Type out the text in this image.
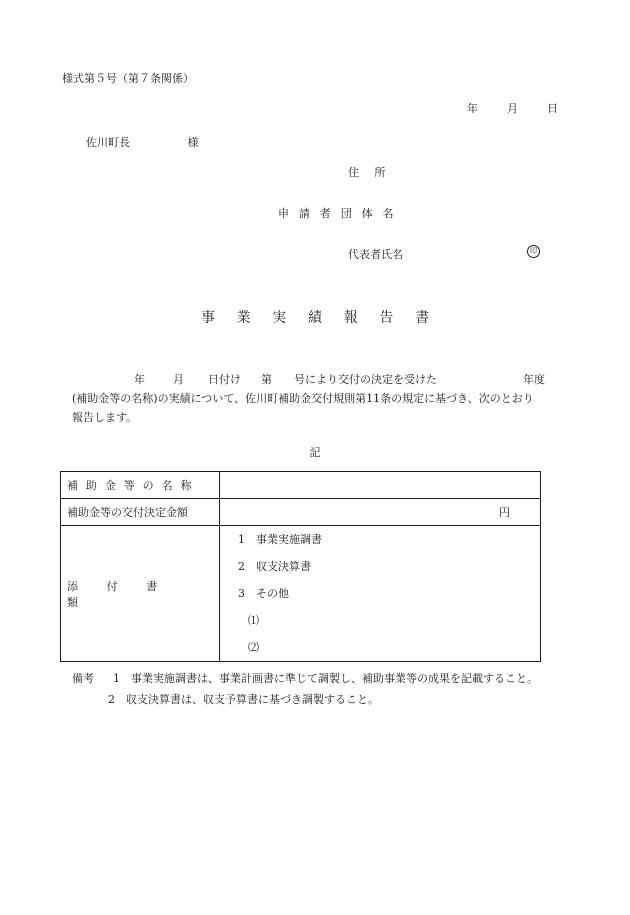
様式第５号（第７条関係）
年	月	日
佐川町長	様
住　所
申請者団体名
代表者氏名	印
事業実績報告書
年	月 日付け 第 号により交付の決定を受けた	年度
(補助金等の名称)の実績について、佐川町補助金交付規則第11条の規定に基づき、次のとおり
報告します。
記
補助金等の名称	

補助金等の交付決定金額	円

添付書類	1　事業実施調書
2　収支決算書
3　その他
⑴
⑵
備考 1　事業実施調書は、事業計画書に準じて調製し、補助事業等の成果を記載すること。
2　収支決算書は、収支予算書に基づき調製すること。
